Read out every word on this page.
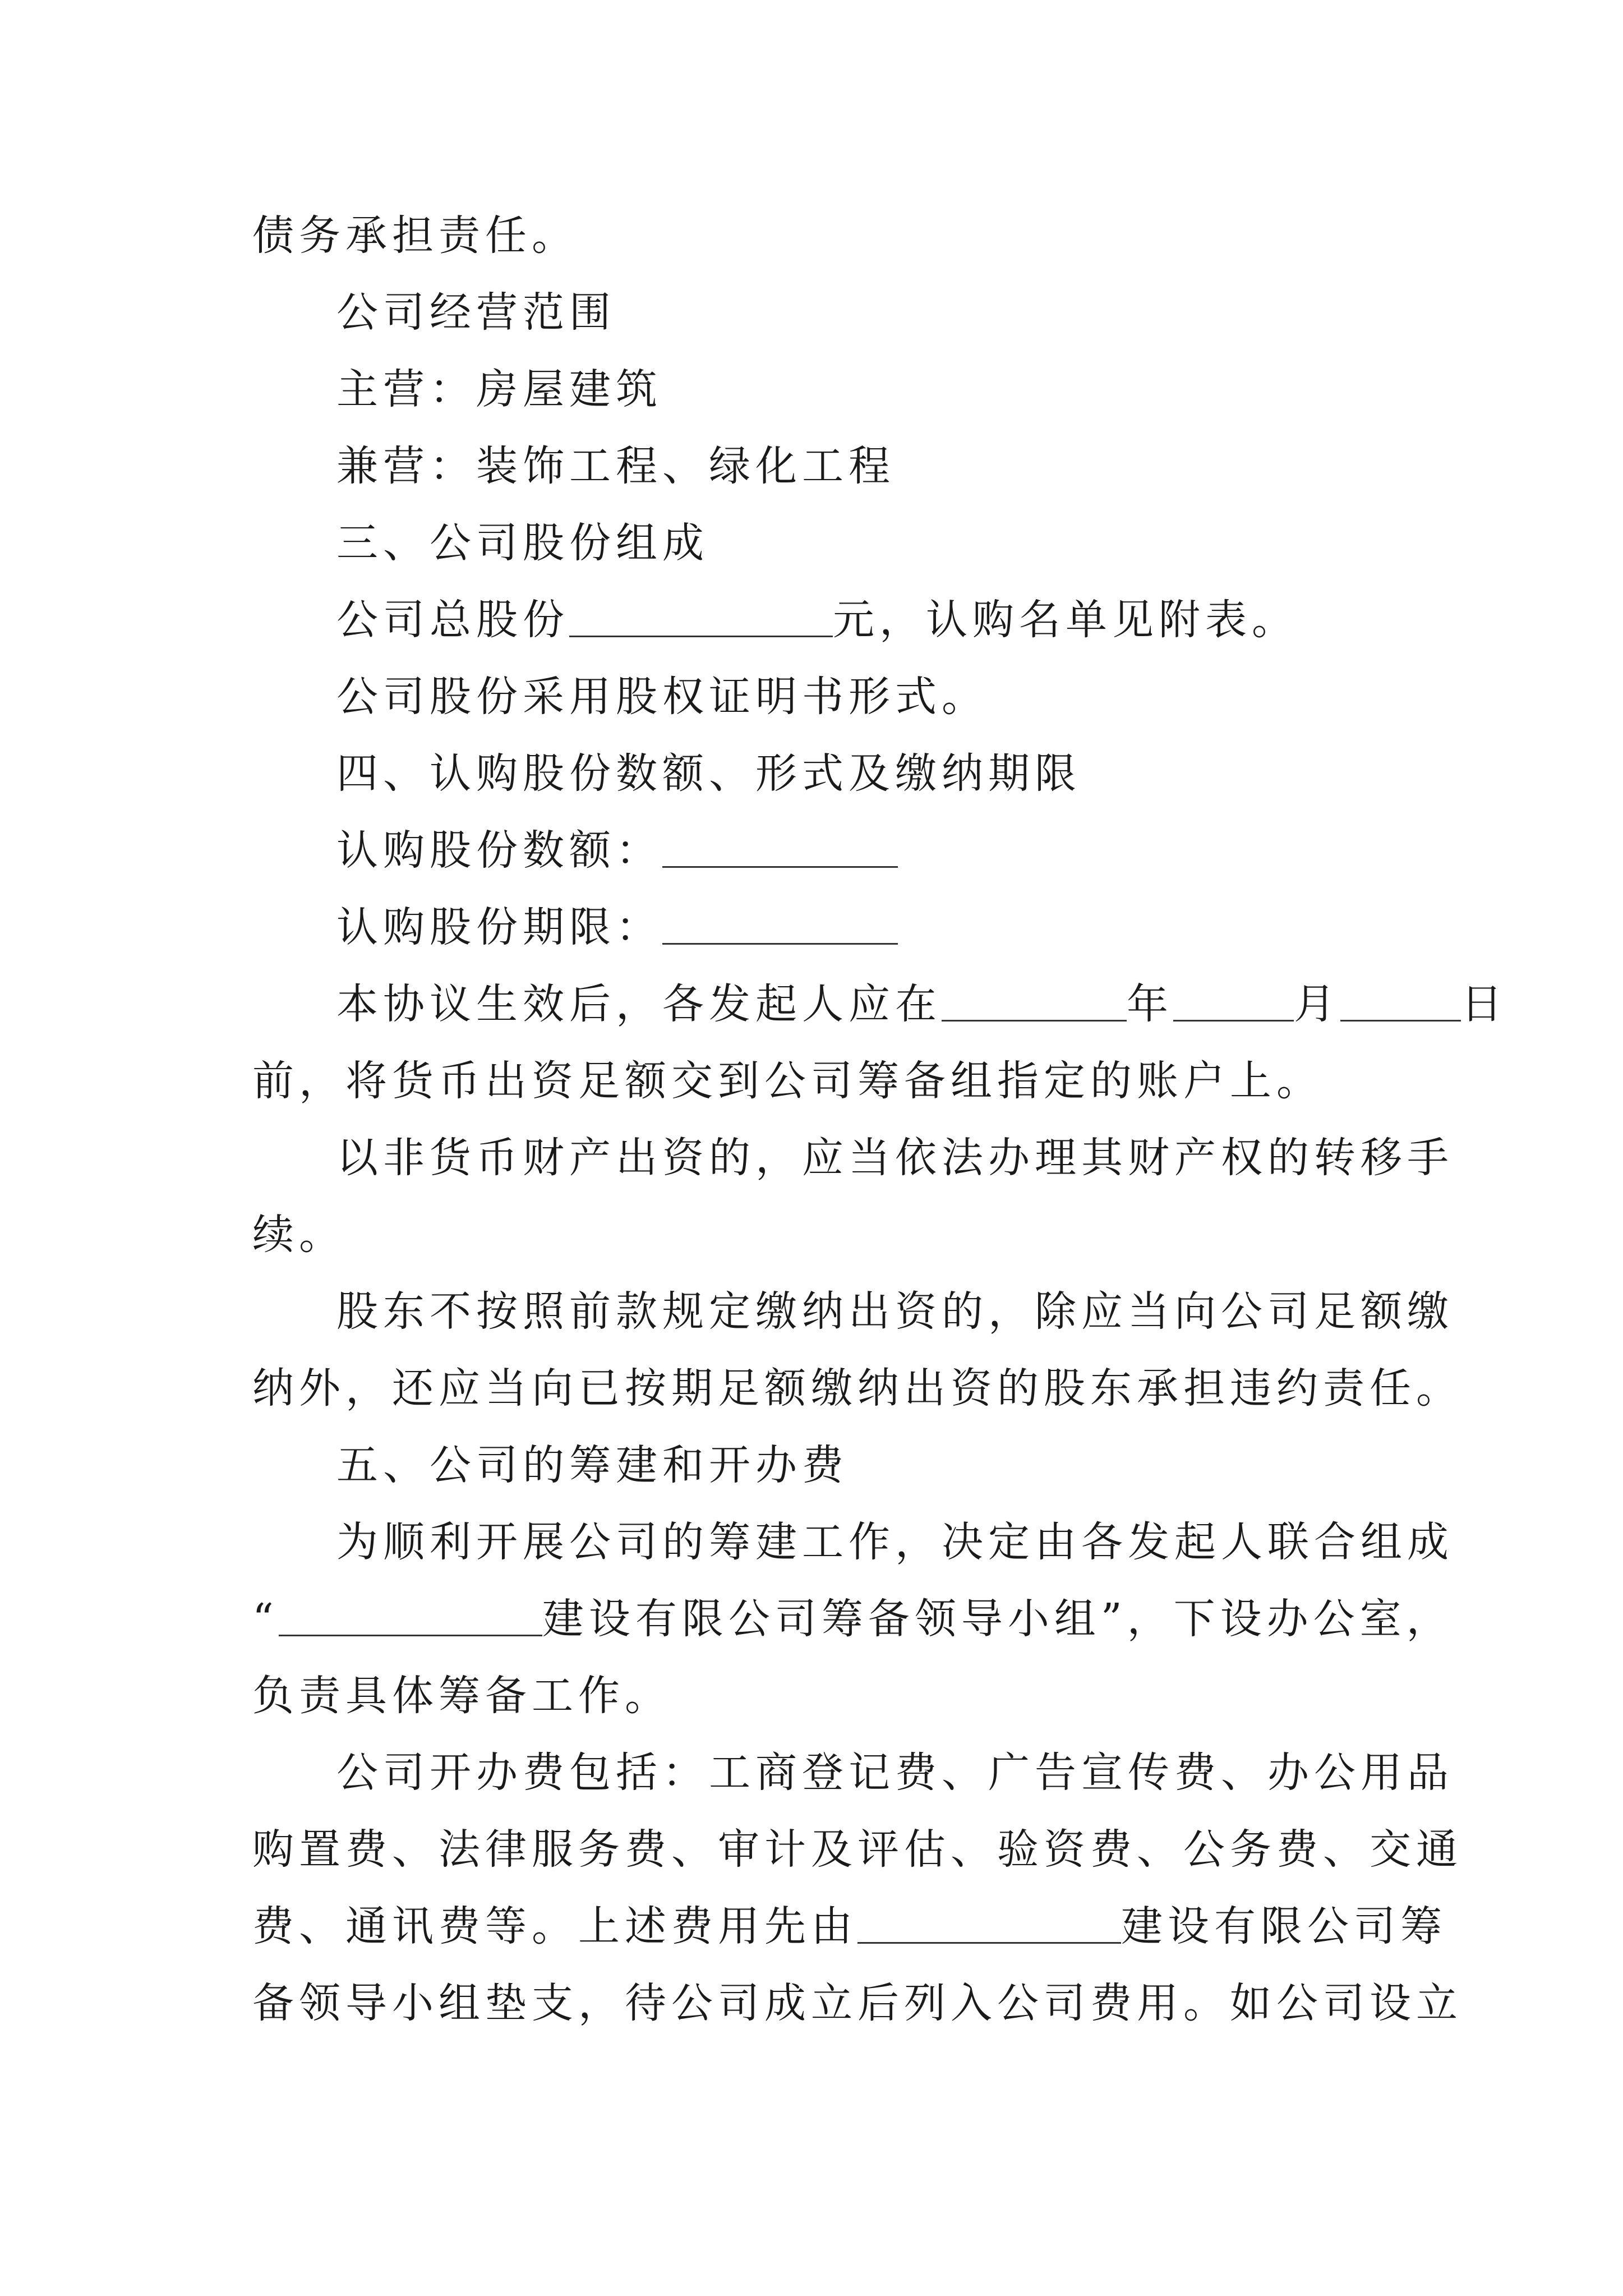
债务承担责任。
公司经营范围
主营：房屋建筑
兼营：装饰工程、绿化工程
三、公司股份组成
公司总股份	元，认购名单见附表。
公司股份采用股权证明书形式。
四、认购股份数额、形式及缴纳期限
认购股份数额：
认购股份期限：
本协议生效后，各发起人应在	年	月	日
前，将货币出资足额交到公司筹备组指定的账户上。
以非货币财产出资的，应当依法办理其财产权的转移手
续。
股东不按照前款规定缴纳出资的，除应当向公司足额缴
纳外，还应当向已按期足额缴纳出资的股东承担违约责任。
五、公司的筹建和开办费
为顺利开展公司的筹建工作，决定由各发起人联合组成
“	建设有限公司筹备领导小组”，下设办公室，
负责具体筹备工作。
公司开办费包括：工商登记费、广告宣传费、办公用品
购置费、法律服务费、审计及评估、验资费、公务费、交通
费、通讯费等。上述费用先由	建设有限公司筹
备领导小组垫支，待公司成立后列入公司费用。如公司设立
